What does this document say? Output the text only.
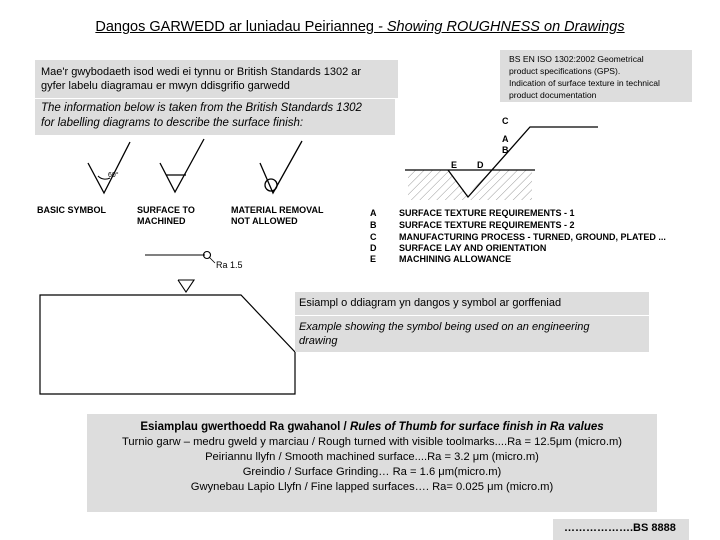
Dangos GARWEDD ar luniadau Peirianneg - Showing ROUGHNESS on Drawings
Mae'r gwybodaeth isod wedi ei tynnu or British Standards 1302 ar
gyfer labelu diagramau er mwyn ddisgrifio garwedd
The information below is taken from the British Standards 1302
for labelling diagrams to describe the surface finish:
BS EN ISO 1302:2002 Geometrical
product specifications (GPS).
Indication of surface texture in technical
product documentation
60°
BASIC SYMBOL	SURFACE TO
MACHINED
MATERIAL REMOVAL
NOT ALLOWED
C
A
B
E D
A	SURFACE TEXTURE REQUIREMENTS - 1
B	SURFACE TEXTURE REQUIREMENTS - 2
C	MANUFACTURING PROCESS - TURNED, GROUND, PLATED ...
D	SURFACE LAY AND ORIENTATION
E	MACHINING ALLOWANCE
Ra 1.5
Esiampl o ddiagram yn dangos y symbol ar gorffeniad
Example showing the symbol being used on an engineering
drawing
Esiamplau gwerthoedd Ra gwahanol / Rules of Thumb for surface finish in Ra values
Turnio garw – medru gweld y marciau / Rough turned with visible toolmarks....Ra = 12.5μm (micro.m)
Peiriannu llyfn / Smooth machined surface....Ra = 3.2 μm (micro.m)
Greindio / Surface Grinding… Ra = 1.6 μm(micro.m)
Gwynebau Lapio Llyfn / Fine lapped surfaces…. Ra= 0.025 μm (micro.m)
……………….BS 8888
